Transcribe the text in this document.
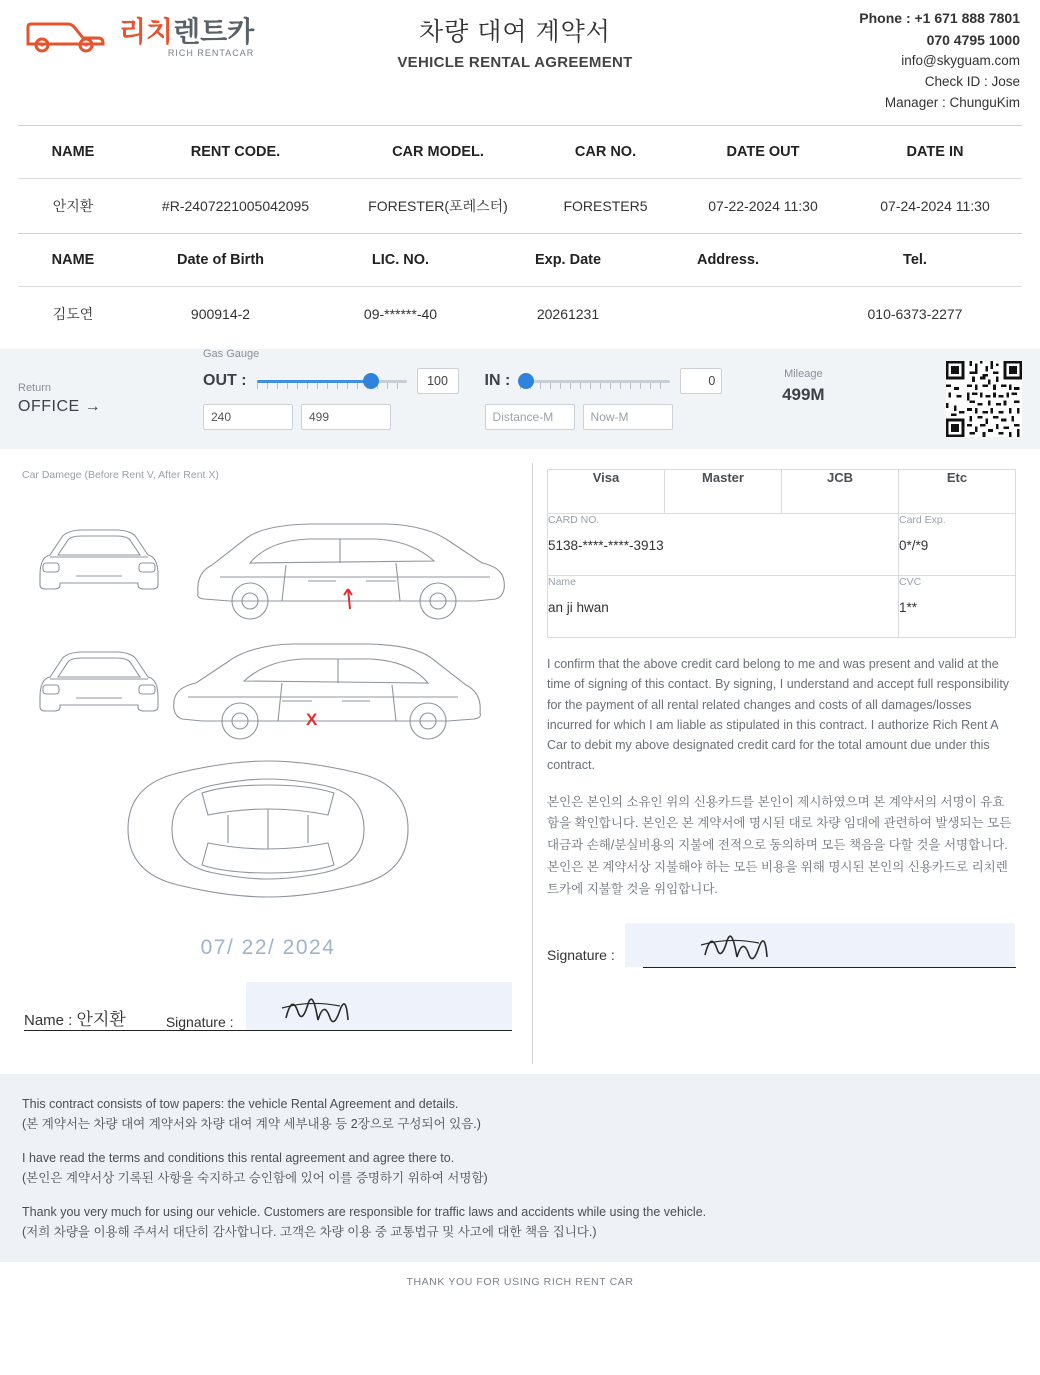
리치 렌트카
RICH RENTACAR
차량 대여 계약서
VEHICLE RENTAL AGREEMENT
Phone : +1 671 888 7801
070 4795 1000
info@skyguam.com
Check ID : Jose
Manager : ChunguKim
NAME	RENT CODE.	CAR MODEL.	CAR NO.	DATE OUT	DATE IN
안지환	#R-2407221005042095	FORESTER(포레스터)	FORESTER5	07-22-2024 11:30	07-24-2024 11:30
NAME	Date of Birth	LIC. NO.	Exp. Date	Address.	Tel.
김도연	900914-2	09-******-40	20261231		010-6373-2277
Return
OFFICE →
Gas Gauge
OUT :	100
240	499
IN :	0
Distance-M	Now-M
Mileage
499M
Car Damege (Before Rent V, After Rent X)
X
07/ 22/ 2024
Name : 안지환	Signature :
Visa	Master	JCB	Etc

CARD NO.
5138-****-****-3913

Card Exp.
0*/*9

Name
an ji hwan

CVC
1**
I confirm that the above credit card belong to me and was present and valid at the time of signing of this contact. By signing, I understand and accept full responsibility for the payment of all rental related changes and costs of all damages/losses incurred for which I am liable as stipulated in this contract. I authorize Rich Rent A Car to debit my above designated credit card for the total amount due under this contract.
본인은 본인의 소유인 위의 신용카드를 본인이 제시하였으며 본 계약서의 서명이 유효함을 확인합니다. 본인은 본 계약서에 명시된 대로 차량 임대에 관련하여 발생되는 모든 대금과 손해/분실비용의 지불에 전적으로 동의하며 모든 책음을 다할 것을 서명합니다. 본인은 본 계약서상 지불해야 하는 모든 비용을 위해 명시된 본인의 신용카드로 리치렌트카에 지불할 것을 위임합니다.
Signature :

This contract consists of tow papers: the vehicle Rental Agreement and details.
(본 계약서는 차량 대여 계약서와 차량 대여 계약 세부내용 등 2장으로 구성되어 있음.)

I have read the terms and conditions this rental agreement and agree there to.
(본인은 계약서상 기록된 사항을 숙지하고 승인함에 있어 이를 증명하기 위하여 서명함)

Thank you very much for using our vehicle. Customers are responsible for traffic laws and accidents while using the vehicle.
(저희 차량을 이용해 주셔서 대단히 감사합니다. 고객은 차량 이용 중 교통법규 및 사고에 대한 책음 집니다.)

THANK YOU FOR USING RICH RENT CAR
